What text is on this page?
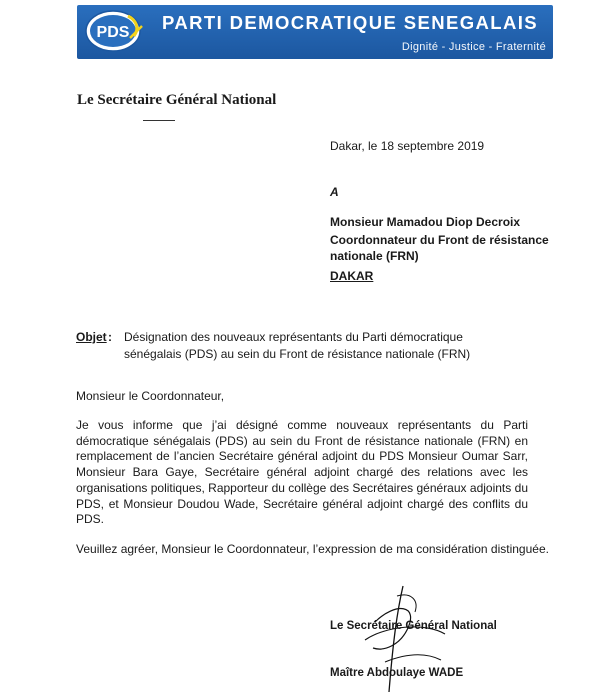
PDS	PARTI DEMOCRATIQUE SENEGALAIS
Dignité - Justice - Fraternité
Le Secrétaire Général National
Dakar, le 18 septembre 2019
A
Monsieur Mamadou Diop Decroix
Coordonnateur du Front de résistance
nationale (FRN)
DAKAR
Objet : Désignation des nouveaux représentants du Parti démocratique sénégalais (PDS) au sein du Front de résistance nationale (FRN)
Monsieur le Coordonnateur,
Je vous informe que j’ai désigné comme nouveaux représentants du Parti démocratique sénégalais (PDS) au sein du Front de résistance nationale (FRN) en remplacement de l’ancien Secrétaire général adjoint du PDS Monsieur Oumar Sarr, Monsieur Bara Gaye, Secrétaire général adjoint chargé des relations avec les organisations politiques, Rapporteur du collège des Secrétaires généraux adjoints du PDS, et Monsieur Doudou Wade, Secrétaire général adjoint chargé des conflits du PDS.
Veuillez agréer, Monsieur le Coordonnateur, l’expression de ma considération distinguée.
Le Secrétaire Général National
Maître Abdoulaye WADE
